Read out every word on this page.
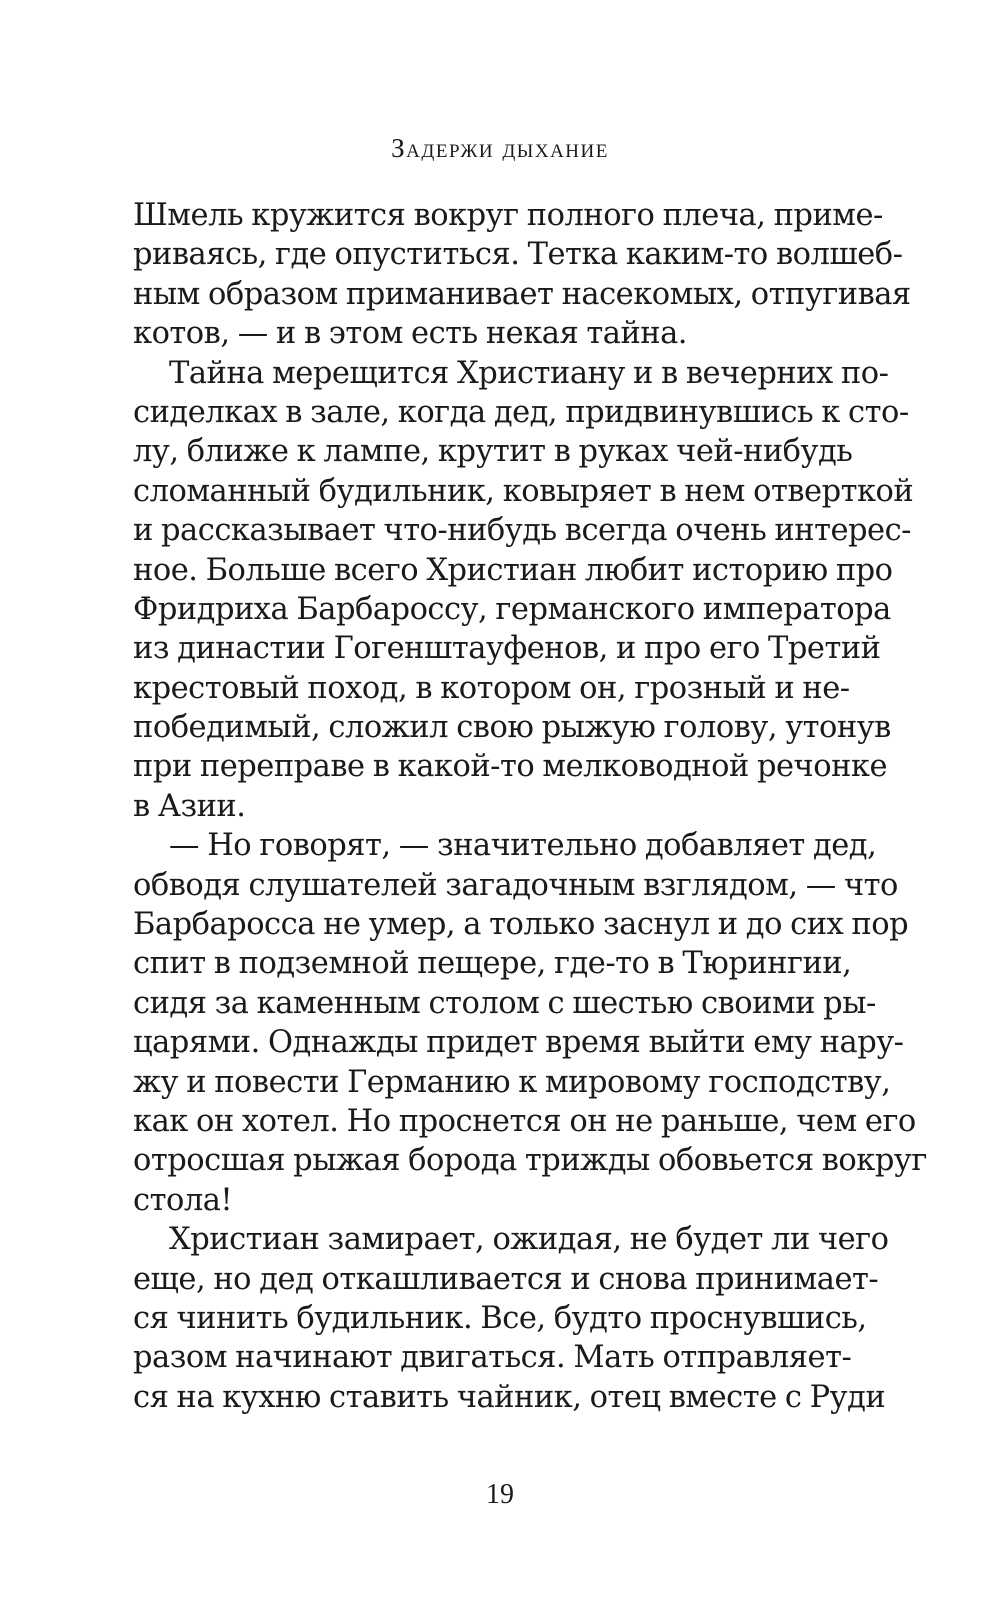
Задержи дыхание
Шмель кружится вокруг полного плеча, приме-
риваясь, где опуститься. Тетка каким-то волшеб-
ным образом приманивает насекомых, отпугивая
котов, — и в этом есть некая тайна.
Тайна мерещится Христиану и в вечерних по-
сиделках в зале, когда дед, придвинувшись к сто-
лу, ближе к лампе, крутит в руках чей-нибудь
сломанный будильник, ковыряет в нем отверткой
и рассказывает что-нибудь всегда очень интерес-
ное. Больше всего Христиан любит историю про
Фридриха Барбароссу, германского императора
из династии Гогенштауфенов, и про его Третий
крестовый поход, в котором он, грозный и не-
победимый, сложил свою рыжую голову, утонув
при переправе в какой-то мелководной речонке
в Азии.
— Но говорят, — значительно добавляет дед,
обводя слушателей загадочным взглядом, — что
Барбаросса не умер, а только заснул и до сих пор
спит в подземной пещере, где-то в Тюрингии,
сидя за каменным столом с шестью своими ры-
царями. Однажды придет время выйти ему нару-
жу и повести Германию к мировому господству,
как он хотел. Но проснется он не раньше, чем его
отросшая рыжая борода трижды обовьется вокруг
стола!
Христиан замирает, ожидая, не будет ли чего
еще, но дед откашливается и снова принимает-
ся чинить будильник. Все, будто проснувшись,
разом начинают двигаться. Мать отправляет-
ся на кухню ставить чайник, отец вместе с Руди
19
